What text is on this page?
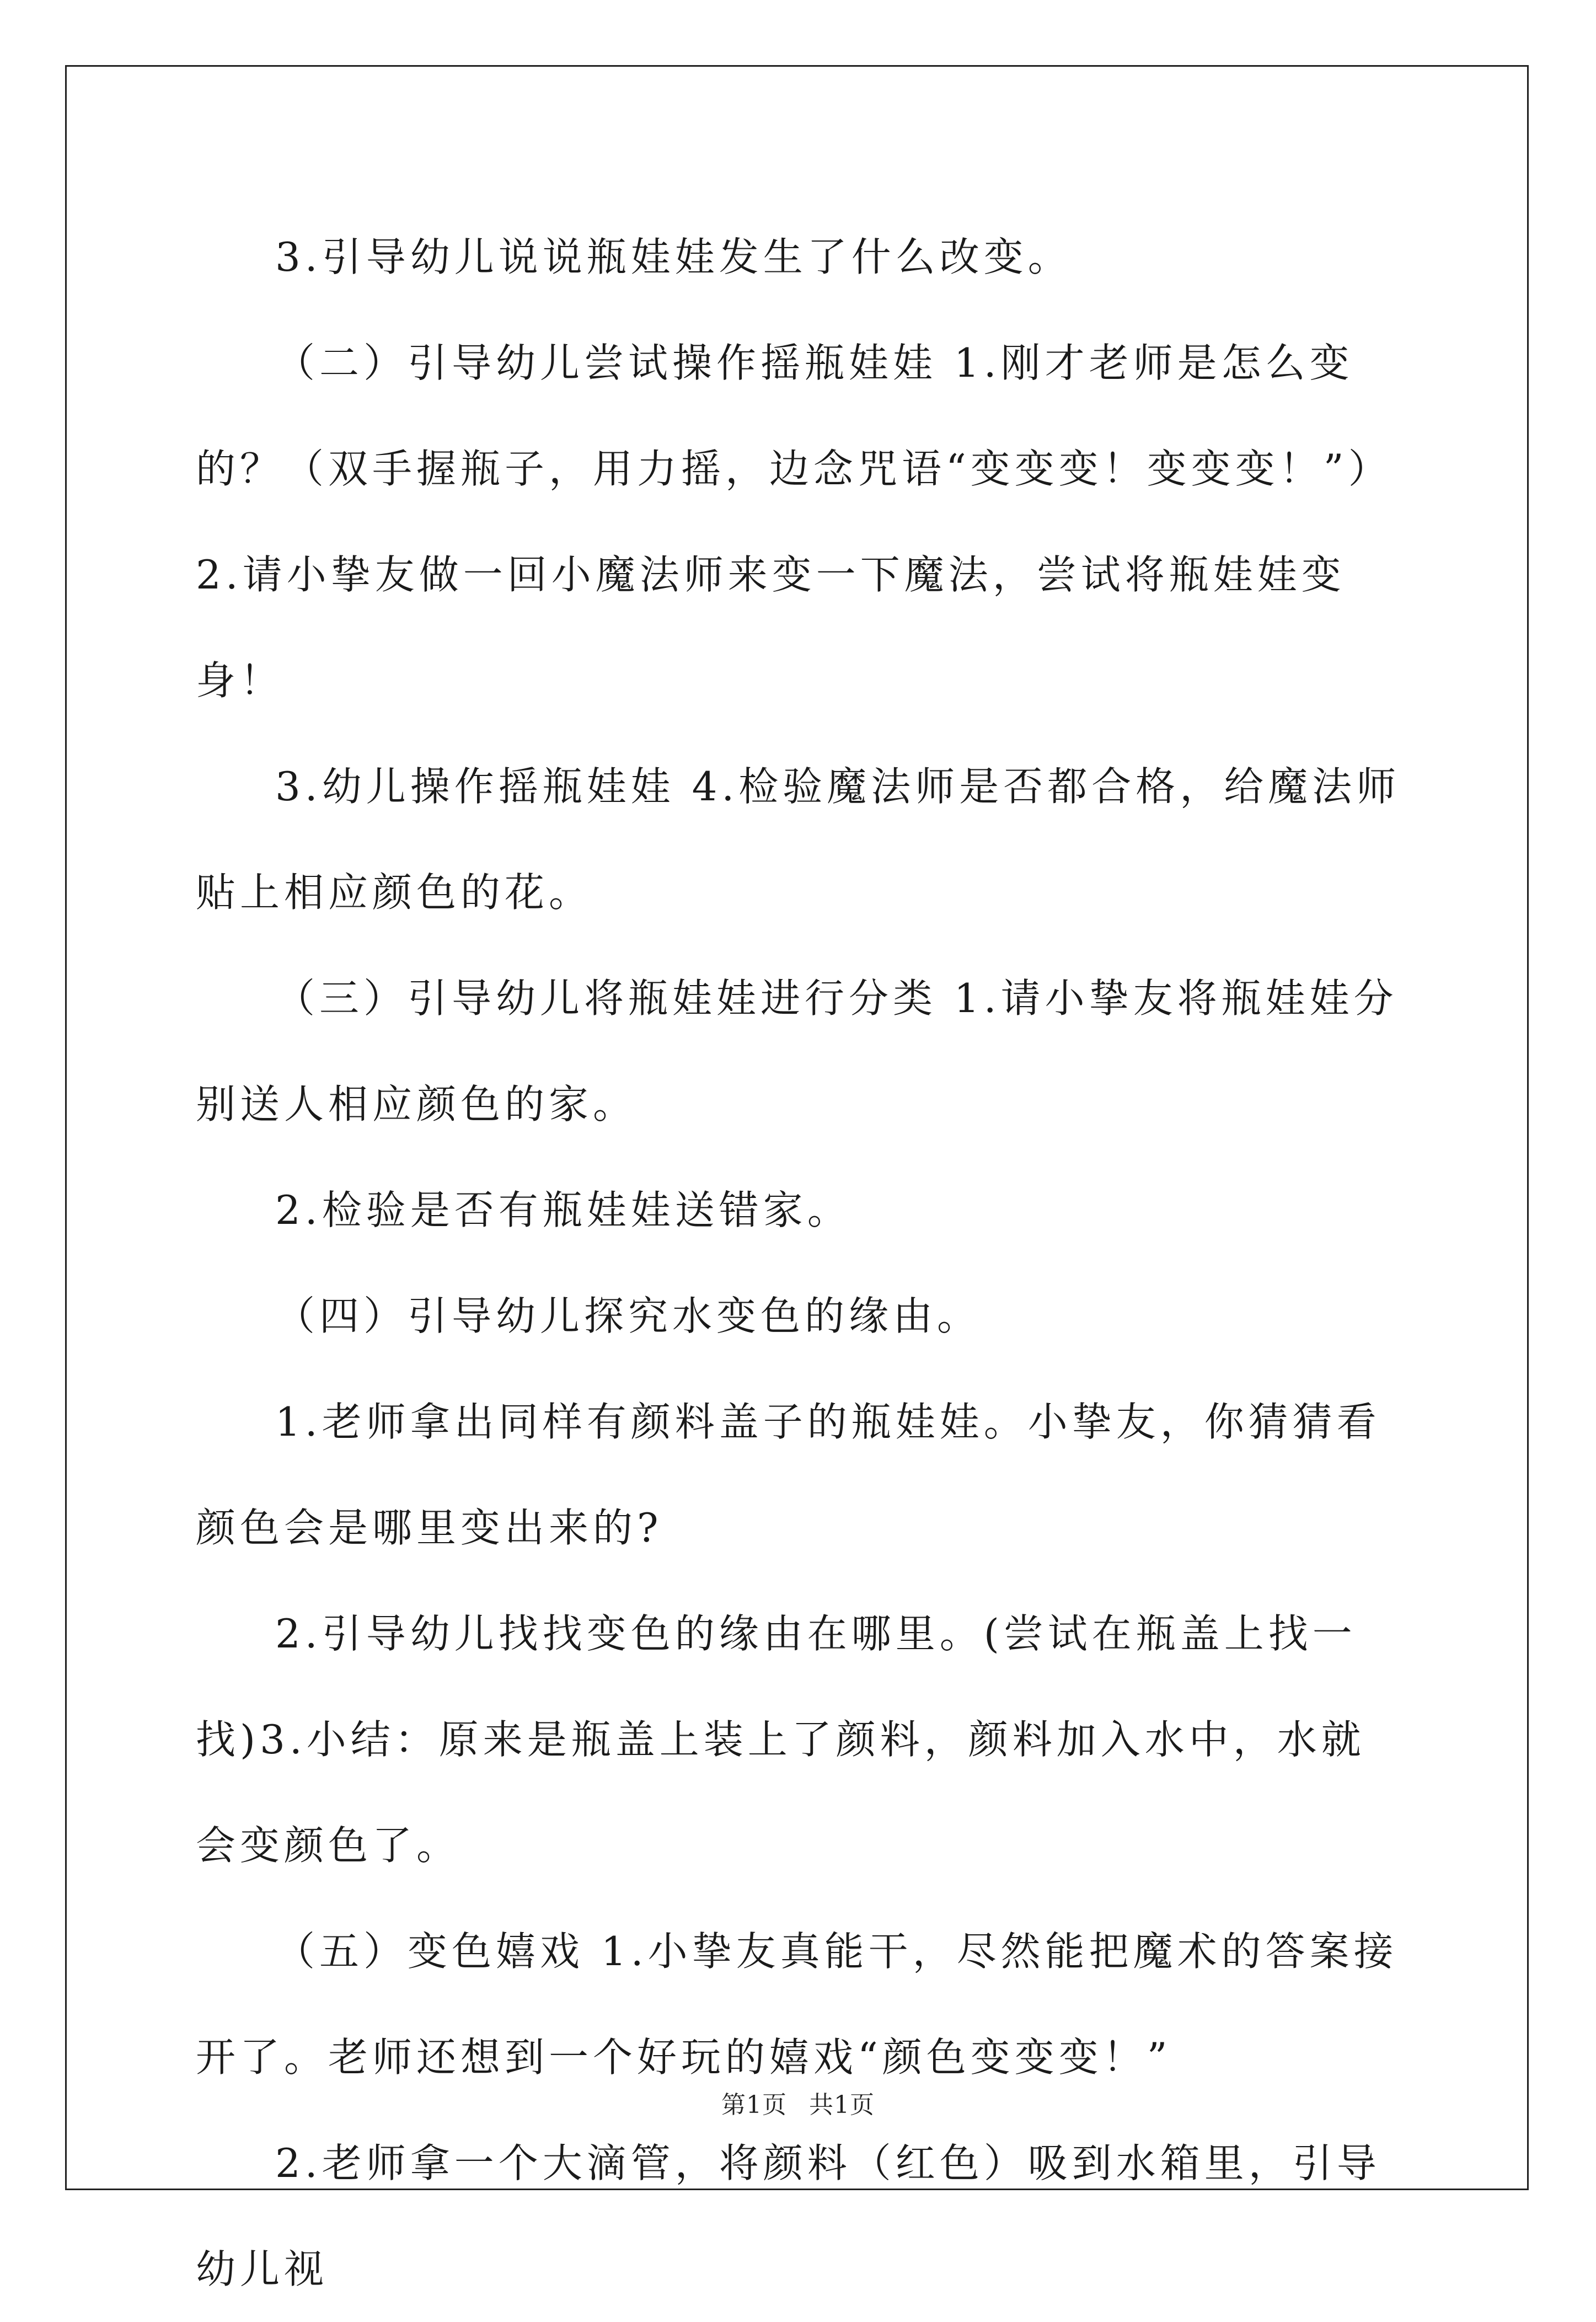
3.引导幼儿说说瓶娃娃发生了什么改变。

（二）引导幼儿尝试操作摇瓶娃娃 1.刚才老师是怎么变的？（双手握瓶子，用力摇，边念咒语“变变变！变变变！”）2.请小挚友做一回小魔法师来变一下魔法，尝试将瓶娃娃变身！

3.幼儿操作摇瓶娃娃 4.检验魔法师是否都合格，给魔法师贴上相应颜色的花。

（三）引导幼儿将瓶娃娃进行分类 1.请小挚友将瓶娃娃分别送人相应颜色的家。

2.检验是否有瓶娃娃送错家。

（四）引导幼儿探究水变色的缘由。

1.老师拿出同样有颜料盖子的瓶娃娃。小挚友，你猜猜看颜色会是哪里变出来的?

2.引导幼儿找找变色的缘由在哪里。(尝试在瓶盖上找一找)3.小结：原来是瓶盖上装上了颜料，颜料加入水中，水就会变颜色了。

（五）变色嬉戏 1.小挚友真能干，尽然能把魔术的答案接开了。老师还想到一个好玩的嬉戏“颜色变变变！”

2.老师拿一个大滴管，将颜料（红色）吸到水箱里，引导幼儿视

第1页 共1页
